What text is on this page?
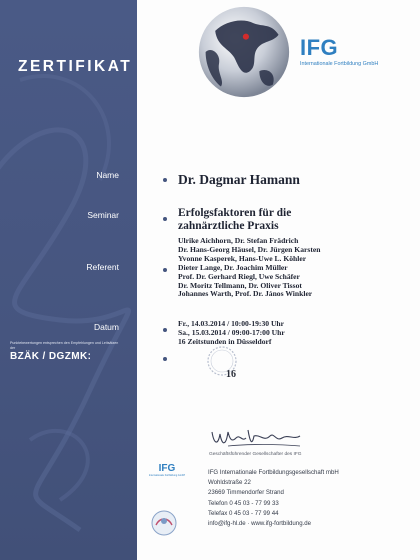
ZERTIFIKAT
Name
Seminar
Referent
Datum
Punktebewertungen entsprechen den Empfehlungen und Leitsätzen der
BZÄK / DGZMK:
IFG
Internationale Fortbildung GmbH
Dr. Dagmar Hamann
Erfolgsfaktoren für die
zahnärztliche Praxis
Ulrike Aichhorn, Dr. Stefan Frädrich
Dr. Hans-Georg Häusel, Dr. Jürgen Karsten
Yvonne Kasperek, Hans-Uwe L. Köhler
Dieter Lange, Dr. Joachim Müller
Prof. Dr. Gerhard Riegl, Uwe Schäfer
Dr. Moritz Tellmann, Dr. Oliver Tissot
Johannes Warth, Prof. Dr. János Winkler
Fr., 14.03.2014 / 10:00-19:30 Uhr
Sa., 15.03.2014 / 09:00-17:00 Uhr
16 Zeitstunden in Düsseldorf
16
Geschäftsführender Gesellschafter des IFG
IFG
Internationale Fortbildung GmbH	IFG Internationale Fortbildungsgesellschaft mbH
Wohldstraße 22
23669 Timmendorfer Strand
Telefon 0 45 03 - 77 99 33
Telefax 0 45 03 - 77 99 44
info@ifg-hl.de · www.ifg-fortbildung.de
